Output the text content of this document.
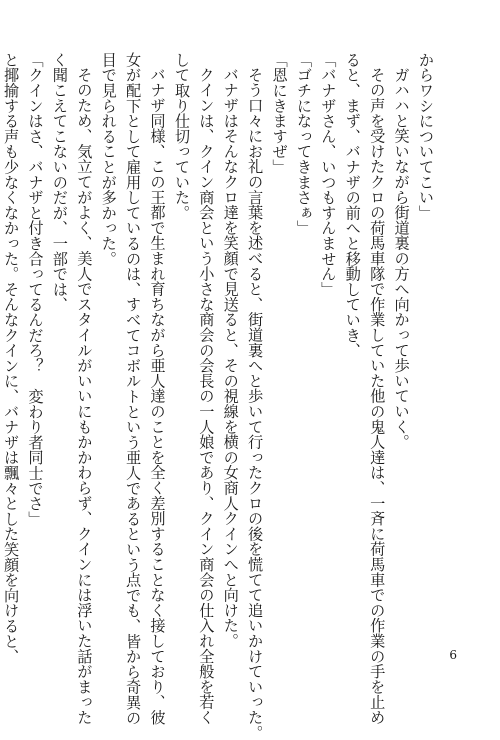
からワシについてこい」

ガハハと笑いながら街道裏の方へ向かって歩いていく。

その声を受けたクロの荷馬車隊で作業していた他の鬼人達は、一斉に荷馬車での作業の手を止め

ると、まず、バナザの前へと移動していき、

「バナザさん、いつもすんません」

「ゴチになってきまさぁ」

「恩にきますぜ」

そう口々にお礼の言葉を述べると、街道裏へと歩いて行ったクロの後を慌てて追いかけていった。

バナザはそんなクロ達を笑顔で見送ると、その視線を横の女商人クインへと向けた。

クインは、クイン商会という小さな商会の会長の一人娘であり、クイン商会の仕入れ全般を若く

して取り仕切っていた。

バナザ同様、この王都で生まれ育ちながら亜人達のことを全く差別することなく接しており、彼

女が配下として雇用しているのは、すべてコボルトという亜人であるという点でも、皆から奇異の

目で見られることが多かった。

そのため、気立てがよく、美人でスタイルがいいにもかかわらず、クインには浮いた話がまった

く聞こえてこないのだが、一部では、

「クインはさ、バナザと付き合ってるんだろ？　変わり者同士でさ」

と揶揄する声も少なくなかった。そんなクインに、バナザは飄々とした笑顔を向けると、	6
